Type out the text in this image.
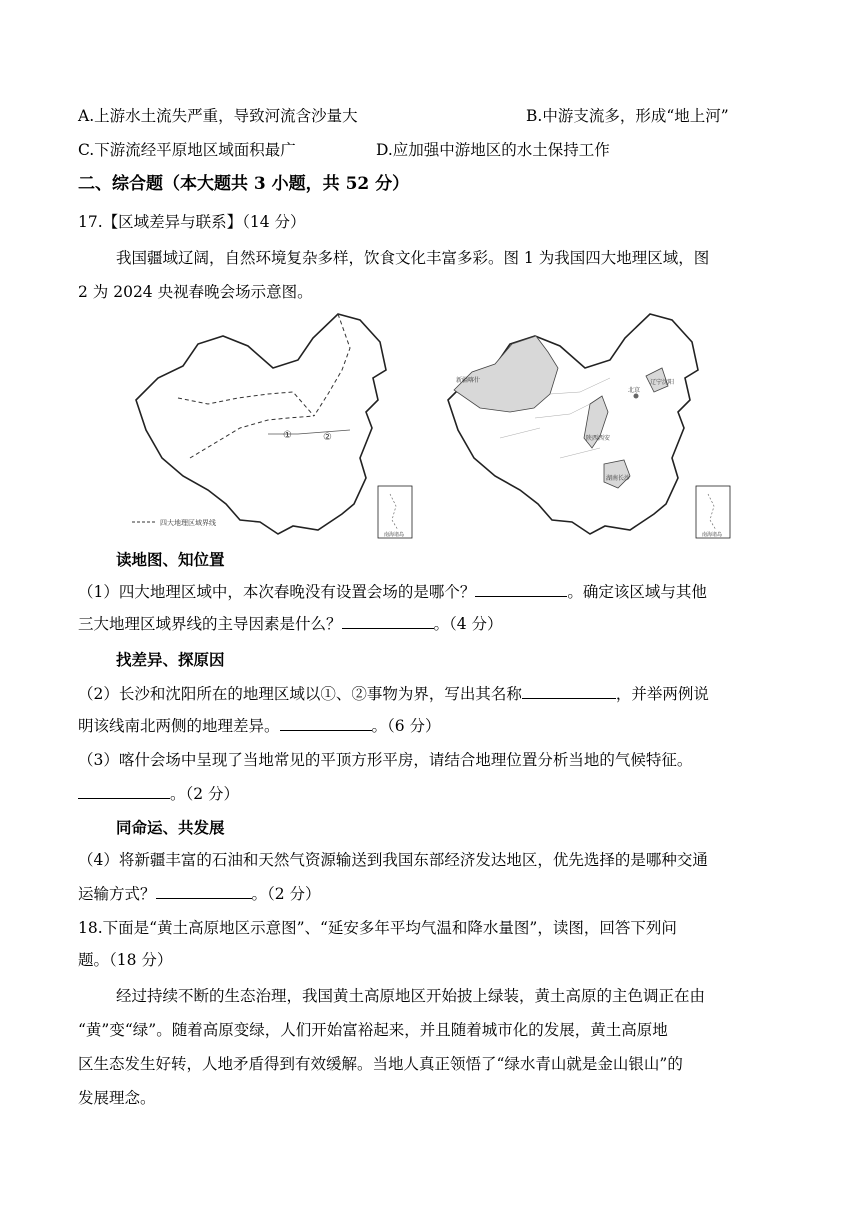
A.上游水土流失严重，导致河流含沙量大	B.中游支流多，形成“地上河”
C.下游流经平原地区域面积最广	D.应加强中游地区的水土保持工作
二、综合题（本大题共 3 小题，共 52 分）
17.【区域差异与联系】（14 分）
我国疆域辽阔，自然环境复杂多样，饮食文化丰富多彩。图 1 为我国四大地理区域，图
2 为 2024 央视春晚会场示意图。
①	②
南海诸岛
四大地理区域界线
新疆喀什
北京
辽宁沈阳
陕西西安
湖南长沙
南海诸岛
读地图、知位置
（1）四大地理区域中，本次春晚没有设置会场的是哪个？	。确定该区域与其他
三大地理区域界线的主导因素是什么？	。（4 分）
找差异、探原因
（2）长沙和沈阳所在的地理区域以①、②事物为界，写出其名称	，并举两例说
明该线南北两侧的地理差异。	。（6 分）
（3）喀什会场中呈现了当地常见的平顶方形平房，请结合地理位置分析当地的气候特征。
。（2 分）
同命运、共发展
（4）将新疆丰富的石油和天然气资源输送到我国东部经济发达地区，优先选择的是哪种交通
运输方式？	。（2 分）
18.下面是“黄土高原地区示意图”、“延安多年平均气温和降水量图”，读图，回答下列问
题。（18 分）
经过持续不断的生态治理，我国黄土高原地区开始披上绿装，黄土高原的主色调正在由
“黄”变“绿”。随着高原变绿，人们开始富裕起来，并且随着城市化的发展，黄土高原地
区生态发生好转，人地矛盾得到有效缓解。当地人真正领悟了“绿水青山就是金山银山”的
发展理念。
